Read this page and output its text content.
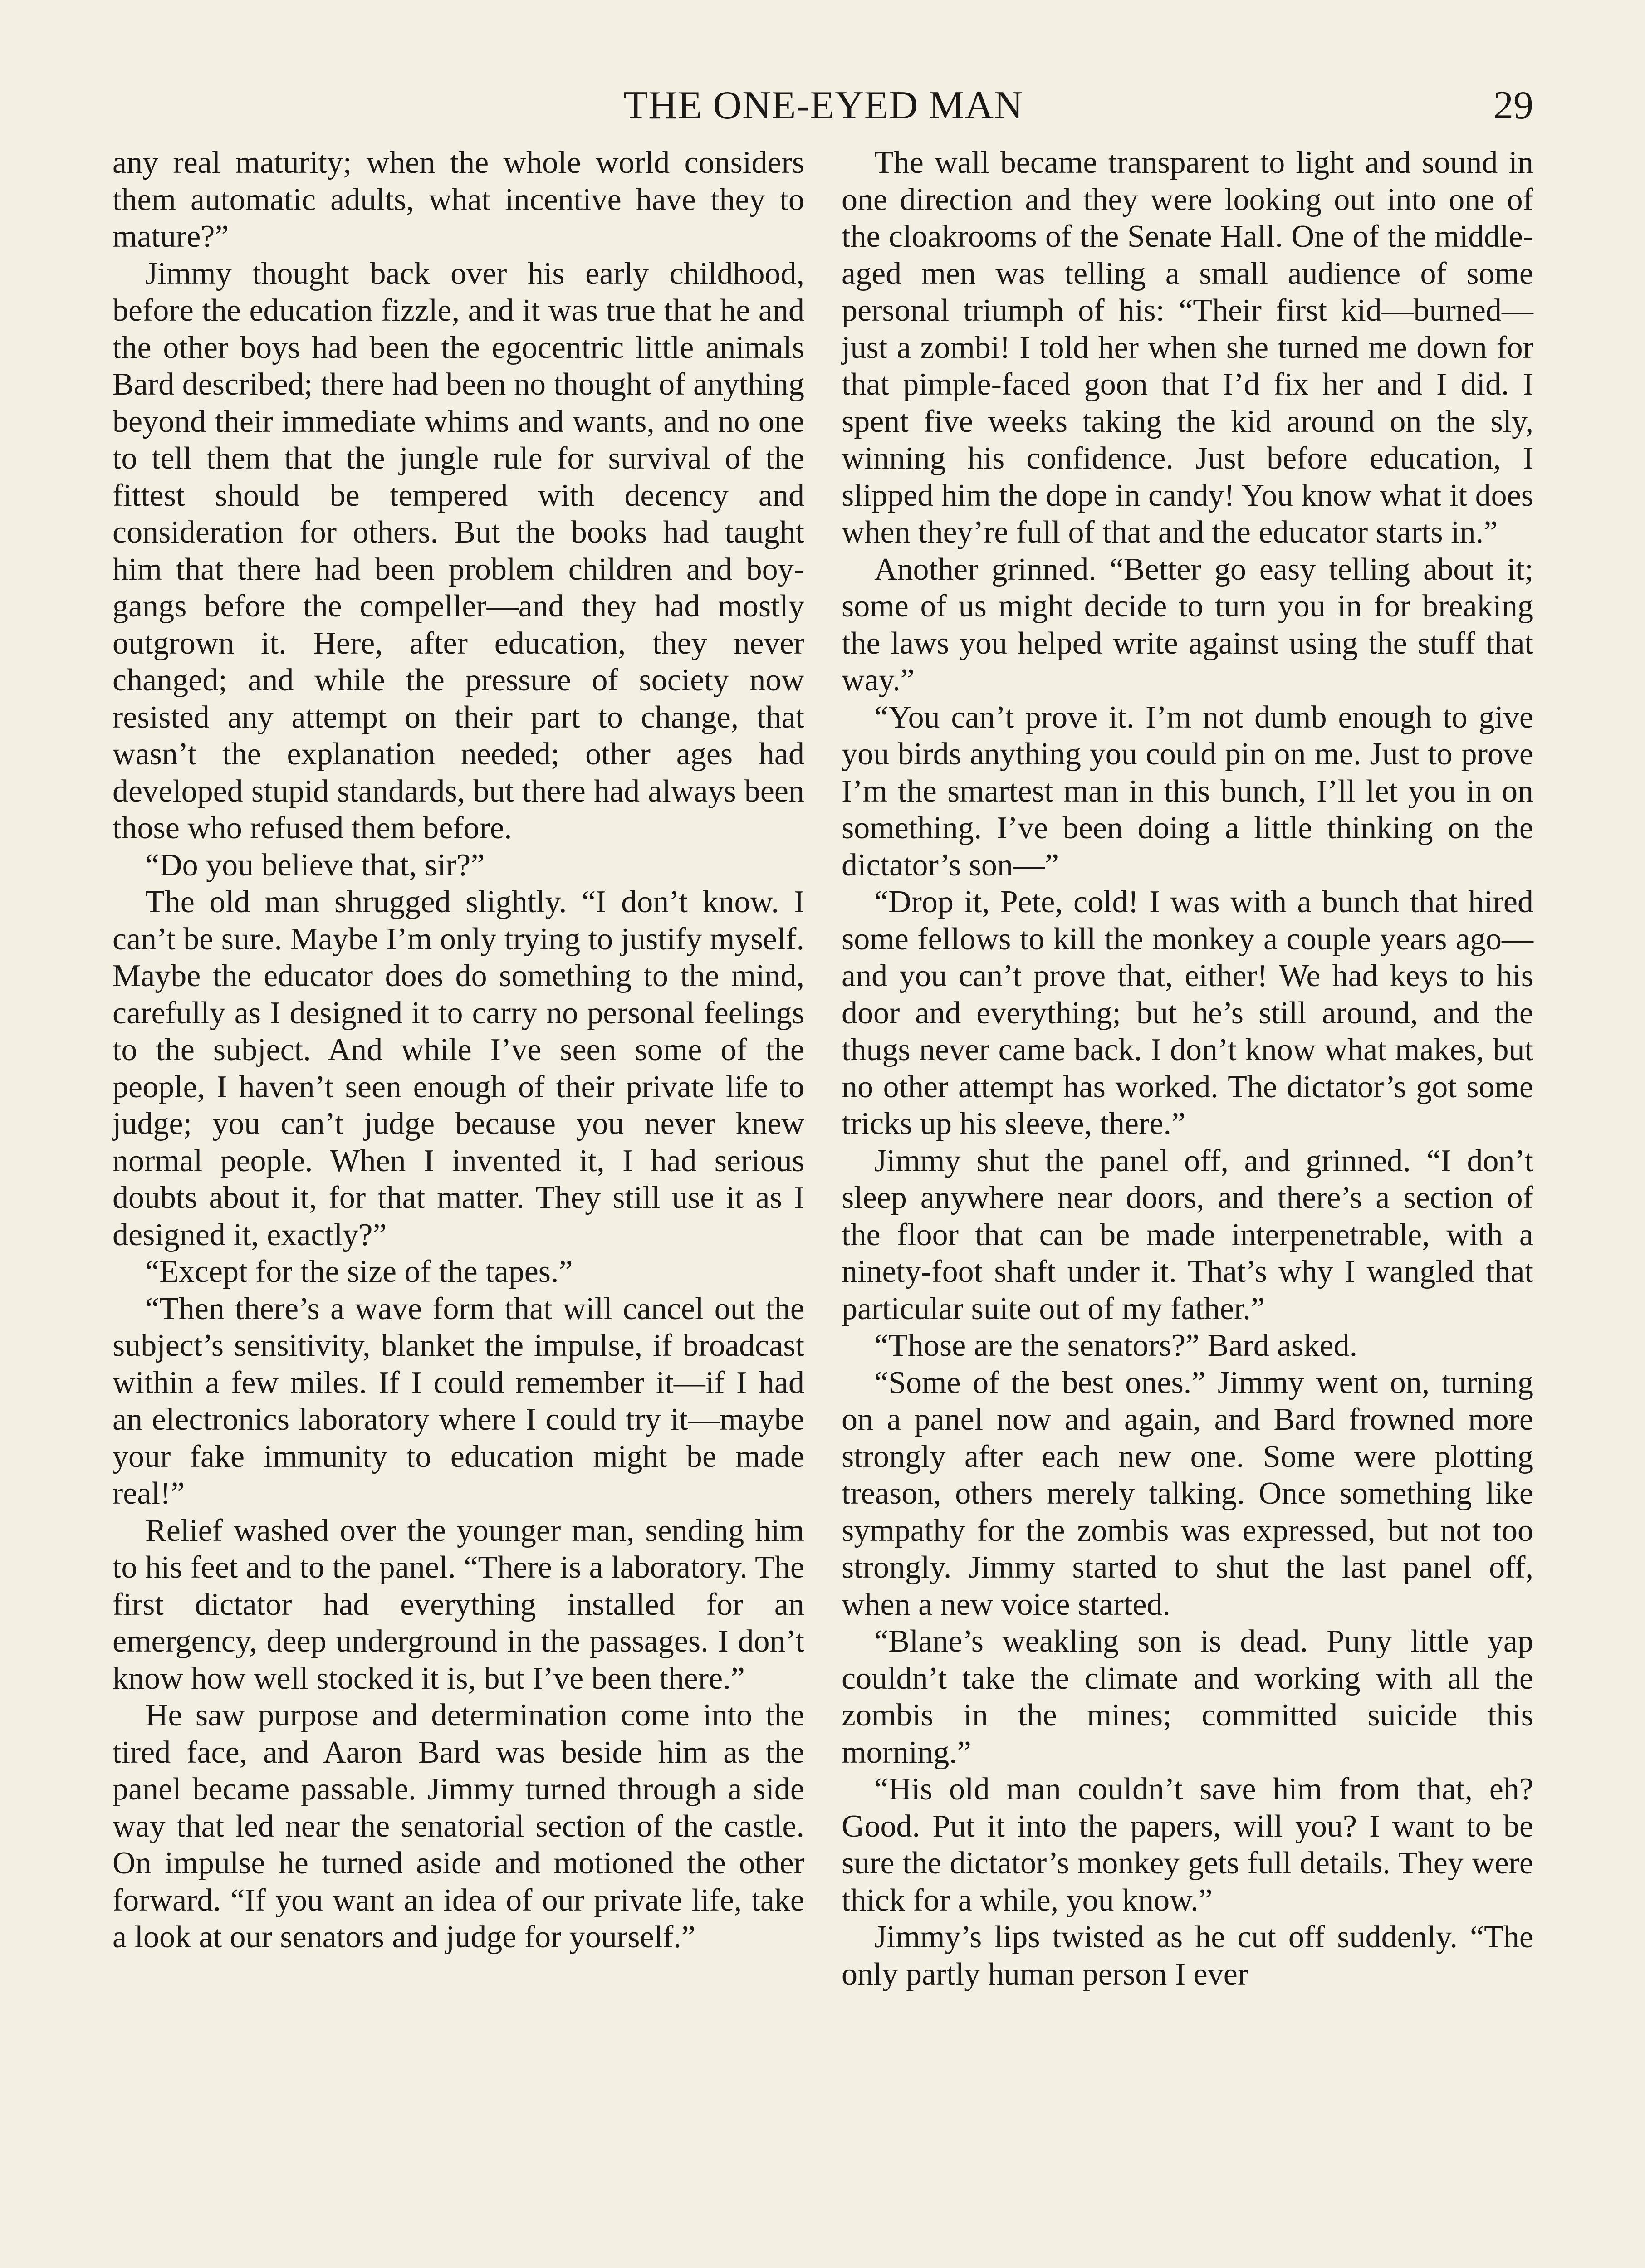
THE ONE-EYED MAN	29

any real maturity; when the whole world considers them automatic adults, what incentive have they to mature?”

Jimmy thought back over his early childhood, before the education fizzle, and it was true that he and the other boys had been the egocentric little animals Bard described; there had been no thought of anything beyond their immediate whims and wants, and no one to tell them that the jungle rule for survival of the fittest should be tempered with decency and consideration for others. But the books had taught him that there had been problem children and boy-gangs before the compeller—and they had mostly outgrown it. Here, after education, they never changed; and while the pressure of society now resisted any attempt on their part to change, that wasn’t the explanation needed; other ages had developed stupid standards, but there had always been those who refused them before.

“Do you believe that, sir?”

The old man shrugged slightly. “I don’t know. I can’t be sure. Maybe I’m only trying to justify myself. Maybe the educator does do something to the mind, carefully as I designed it to carry no personal feelings to the subject. And while I’ve seen some of the people, I haven’t seen enough of their private life to judge; you can’t judge because you never knew normal people. When I invented it, I had serious doubts about it, for that matter. They still use it as I designed it, exactly?”

“Except for the size of the tapes.”

“Then there’s a wave form that will cancel out the subject’s sensitivity, blanket the impulse, if broadcast within a few miles. If I could remember it—if I had an electronics laboratory where I could try it—maybe your fake immunity to education might be made real!”

Relief washed over the younger man, sending him to his feet and to the panel. “There is a laboratory. The first dictator had everything installed for an emergency, deep underground in the passages. I don’t know how well stocked it is, but I’ve been there.”

He saw purpose and determination come into the tired face, and Aaron Bard was beside him as the panel became passable. Jimmy turned through a side way that led near the senatorial section of the castle. On impulse he turned aside and motioned the other forward. “If you want an idea of our private life, take a look at our senators and judge for yourself.”

The wall became transparent to light and sound in one direction and they were looking out into one of the cloakrooms of the Senate Hall. One of the middle-aged men was telling a small audience of some personal triumph of his: “Their first kid—burned—just a zombi! I told her when she turned me down for that pimple-faced goon that I’d fix her and I did. I spent five weeks taking the kid around on the sly, winning his confidence. Just before education, I slipped him the dope in candy! You know what it does when they’re full of that and the educator starts in.”

Another grinned. “Better go easy telling about it; some of us might decide to turn you in for breaking the laws you helped write against using the stuff that way.”

“You can’t prove it. I’m not dumb enough to give you birds anything you could pin on me. Just to prove I’m the smartest man in this bunch, I’ll let you in on something. I’ve been doing a little thinking on the dictator’s son—”

“Drop it, Pete, cold! I was with a bunch that hired some fellows to kill the monkey a couple years ago—and you can’t prove that, either! We had keys to his door and everything; but he’s still around, and the thugs never came back. I don’t know what makes, but no other attempt has worked. The dictator’s got some tricks up his sleeve, there.”

Jimmy shut the panel off, and grinned. “I don’t sleep anywhere near doors, and there’s a section of the floor that can be made interpenetrable, with a ninety-foot shaft under it. That’s why I wangled that particular suite out of my father.”

“Those are the senators?” Bard asked.

“Some of the best ones.” Jimmy went on, turning on a panel now and again, and Bard frowned more strongly after each new one. Some were plotting treason, others merely talking. Once something like sympathy for the zombis was expressed, but not too strongly. Jimmy started to shut the last panel off, when a new voice started.

“Blane’s weakling son is dead. Puny little yap couldn’t take the climate and working with all the zombis in the mines; committed suicide this morning.”

“His old man couldn’t save him from that, eh? Good. Put it into the papers, will you? I want to be sure the dictator’s monkey gets full details. They were thick for a while, you know.”

Jimmy’s lips twisted as he cut off suddenly. “The only partly human person I ever
